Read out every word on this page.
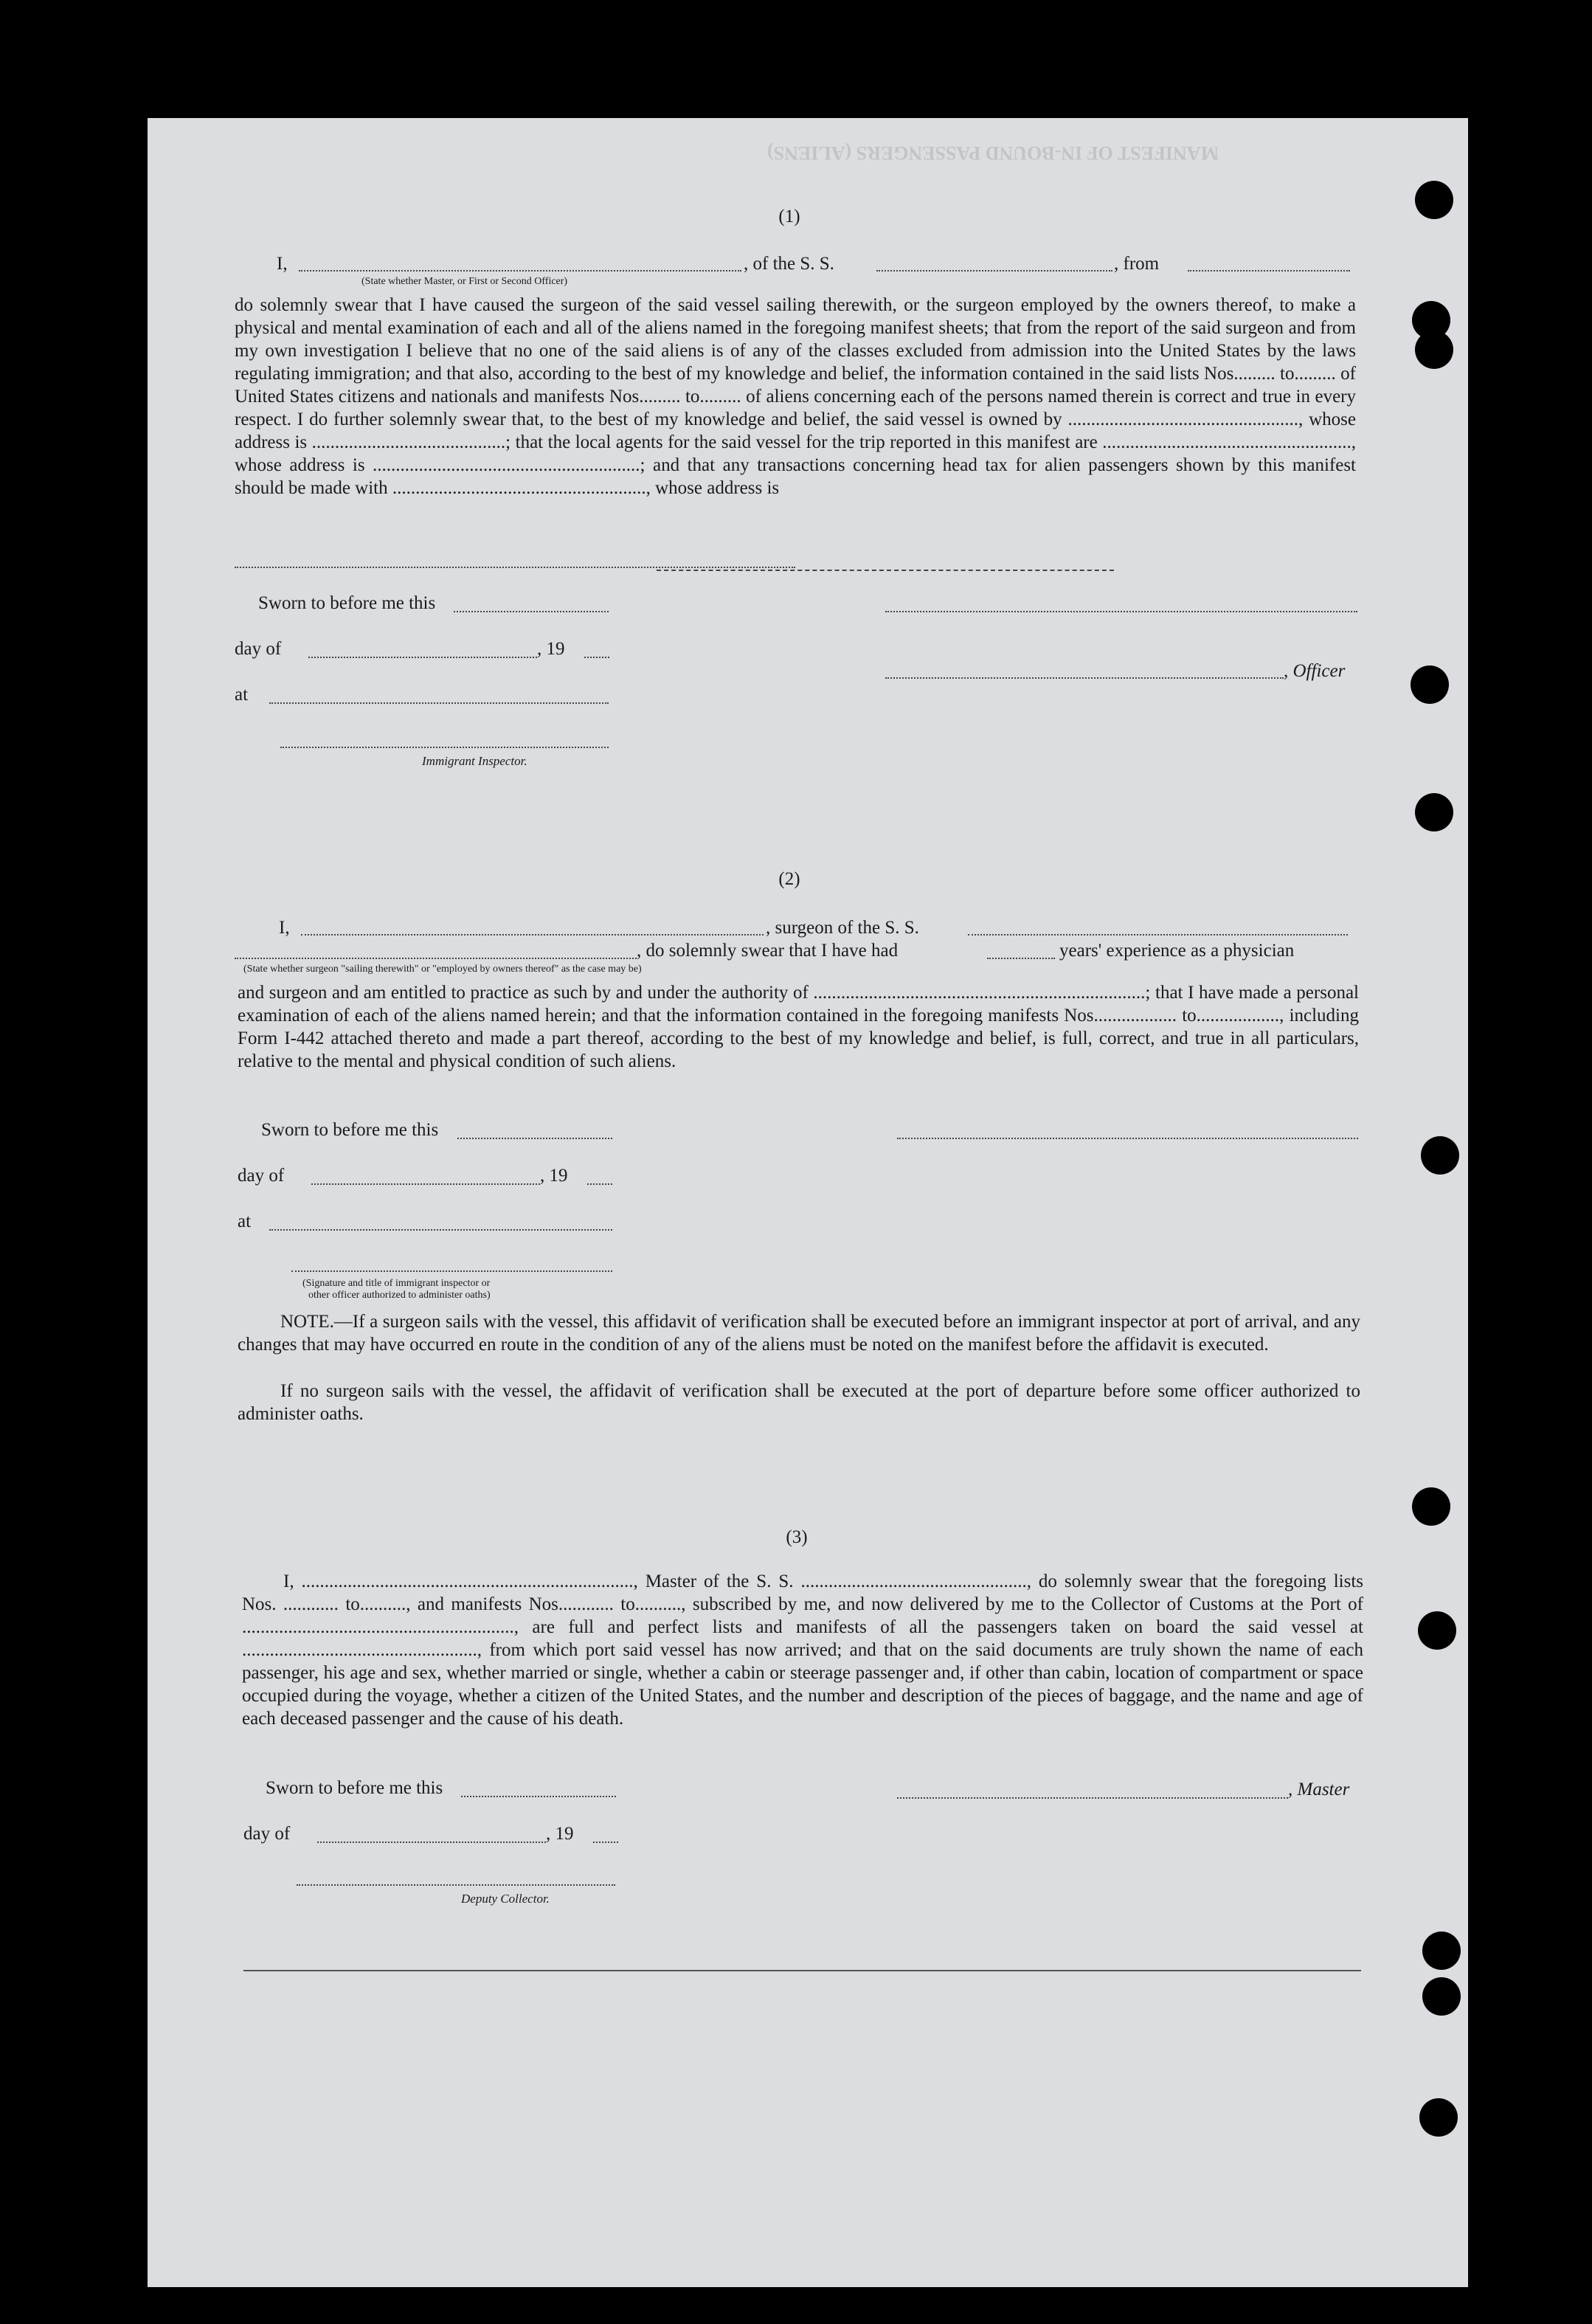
MANIFEST OF IN-BOUND PASSENGERS (ALIENS)
(1)
I,	, of the S. S.	, from
(State whether Master, or First or Second Officer)
do solemnly swear that I have caused the surgeon of the said vessel sailing therewith, or the surgeon employed by the owners thereof, to make a physical and mental examination of each and all of the aliens named in the foregoing manifest sheets; that from the report of the said surgeon and from my own investigation I believe that no one of the said aliens is of any of the classes excluded from admission into the United States by the laws regulating immigration; and that also, according to the best of my knowledge and belief, the information contained in the said lists Nos......... to......... of United States citizens and nationals and manifests Nos......... to......... of aliens concerning each of the persons named therein is correct and true in every respect. I do further solemnly swear that, to the best of my knowledge and belief, the said vessel is owned by .................................................., whose address is ..........................................; that the local agents for the said vessel for the trip reported in this manifest are ......................................................, whose address is ..........................................................; and that any transactions concerning head tax for alien passengers shown by this manifest should be made with ......................................................., whose address is
Sworn to before me this
day of	, 19
, Officer
at
Immigrant Inspector.
(2)
I,	, surgeon of the S. S.
, do solemnly swear that I have had	years' experience as a physician
(State whether surgeon "sailing therewith" or "employed by owners thereof" as the case may be)
and surgeon and am entitled to practice as such by and under the authority of ........................................................................; that I have made a personal examination of each of the aliens named herein; and that the information contained in the foregoing manifests Nos.................. to.................., including Form I-442 attached thereto and made a part thereof, according to the best of my knowledge and belief, is full, correct, and true in all particulars, relative to the mental and physical condition of such aliens.
Sworn to before me this
day of	, 19
at
(Signature and title of immigrant inspector or
other officer authorized to administer oaths)
NOTE.—If a surgeon sails with the vessel, this affidavit of verification shall be executed before an immigrant inspector at port of arrival, and any changes that may have occurred en route in the condition of any of the aliens must be noted on the manifest before the affidavit is executed.
If no surgeon sails with the vessel, the affidavit of verification shall be executed at the port of departure before some officer authorized to administer oaths.
(3)
I, ........................................................................, Master of the S. S. ................................................., do solemnly swear that the foregoing lists Nos. ............ to.........., and manifests Nos............ to.........., subscribed by me, and now delivered by me to the Collector of Customs at the Port of ..........................................................., are full and perfect lists and manifests of all the passengers taken on board the said vessel at ..................................................., from which port said vessel has now arrived; and that on the said documents are truly shown the name of each passenger, his age and sex, whether married or single, whether a cabin or steerage passenger and, if other than cabin, location of compartment or space occupied during the voyage, whether a citizen of the United States, and the number and description of the pieces of baggage, and the name and age of each deceased passenger and the cause of his death.
Sworn to before me this	, Master
day of	, 19
Deputy Collector.
